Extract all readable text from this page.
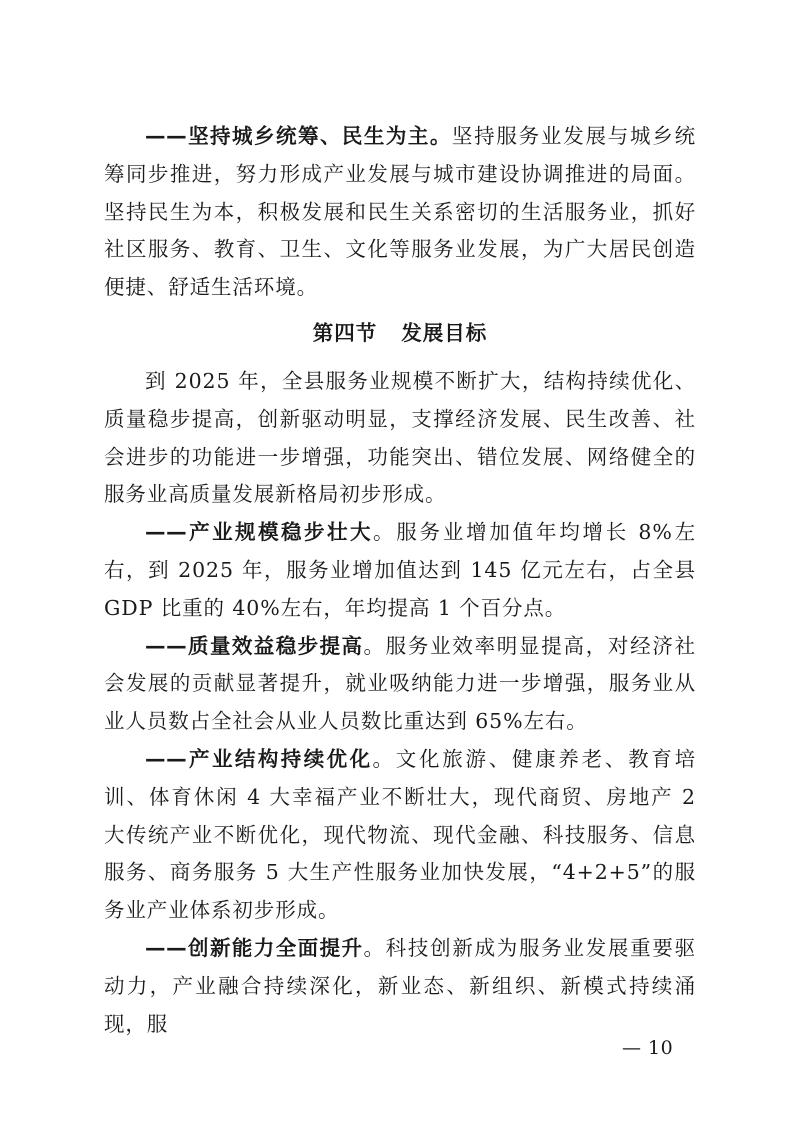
——坚持城乡统筹、民生为主。坚持服务业发展与城乡统筹同步推进，努力形成产业发展与城市建设协调推进的局面。坚持民生为本，积极发展和民生关系密切的生活服务业，抓好社区服务、教育、卫生、文化等服务业发展，为广大居民创造便捷、舒适生活环境。

第四节 发展目标

到 2025 年，全县服务业规模不断扩大，结构持续优化、质量稳步提高，创新驱动明显，支撑经济发展、民生改善、社会进步的功能进一步增强，功能突出、错位发展、网络健全的服务业高质量发展新格局初步形成。

——产业规模稳步壮大。服务业增加值年均增长 8%左右，到 2025 年，服务业增加值达到 145 亿元左右，占全县 GDP 比重的 40%左右，年均提高 1 个百分点。

——质量效益稳步提高。服务业效率明显提高，对经济社会发展的贡献显著提升，就业吸纳能力进一步增强，服务业从业人员数占全社会从业人员数比重达到 65%左右。

——产业结构持续优化。文化旅游、健康养老、教育培训、体育休闲 4 大幸福产业不断壮大，现代商贸、房地产 2 大传统产业不断优化，现代物流、现代金融、科技服务、信息服务、商务服务 5 大生产性服务业加快发展，“4+2+5”的服务业产业体系初步形成。

——创新能力全面提升。科技创新成为服务业发展重要驱动力，产业融合持续深化，新业态、新组织、新模式持续涌现，服

— 10
